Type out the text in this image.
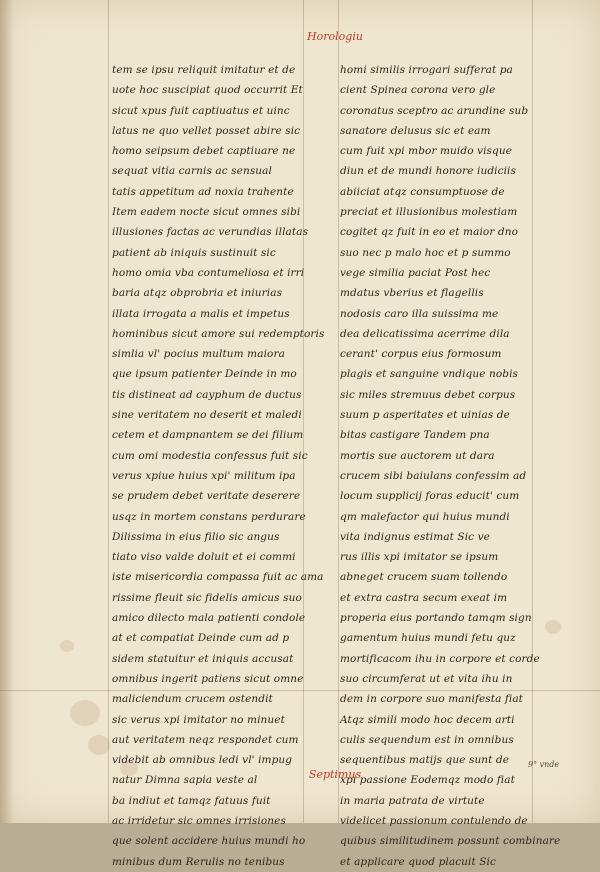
Horologiu
tem se ipsu reliquit imitatur et de
uote hoc suscipiat quod occurrit Et
sicut xpus fuit captiuatus et uinc
latus ne quo vellet posset abire sic
homo seipsum debet captiuare ne
sequat vitia carnis ac sensual
tatis appetitum ad noxia trahente
Item eadem nocte sicut omnes sibi
illusiones factas ac verundias illatas
patient ab iniquis sustinuit sic
homo omia vba contumeliosa et irri
baria atqz obprobria et iniurias
illata irrogata a malis et impetus
hominibus sicut amore sui redemptoris
simlia vl' pocius multum maiora
que ipsum patienter Deinde in mo
tis distineat ad cayphum de ductus
sine veritatem no deserit et maledi
cetem et dampnantem se dei filium
cum omi modestia confessus fuit sic
verus xpiue huius xpi' militum ipa
se prudem debet veritate deserere
usqz in mortem constans perdurare
Dilissima in eius filio sic angus
tiato viso valde doluit et ei commi
iste misericordia compassa fuit ac ama
rissime fleuit sic fidelis amicus suo
amico dilecto mala patienti condole
at et compatiat Deinde cum ad p
sidem statuitur et iniquis accusat
omnibus ingerit patiens sicut omne
maliciendum crucem ostendit
sic verus xpi imitator no minuet
aut veritatem neqz respondet cum
videbit ab omnibus ledi vl' impug
natur Dimna sapia veste al
ba indiut et tamqz fatuus fuit
ac irridetur sic omnes irrisiones
que solent accidere huius mundi ho
minibus dum Rerulis no tenibus
homi similis irrogari sufferat pa
cient Spinea corona vero gle
coronatus sceptro ac arundine sub
sanatore delusus sic et eam
cum fuit xpi mbor muido visque
diun et de mundi honore iudiciis
abiiciat atqz consumptuose de
preciat et illusionibus molestiam
cogitet qz fuit in eo et maior dno
suo nec p malo hoc et p summo
vege similia paciat Post hec
mdatus vberius et flagellis
nodosis caro illa suissima me
dea delicatissima acerrime dila
cerant' corpus eius formosum
plagis et sanguine vndique nobis
sic miles stremuus debet corpus
suum p asperitates et uinias de
bitas castigare Tandem pna
mortis sue auctorem ut dara
crucem sibi baiulans confessim ad
locum supplicij foras educit' cum
qm malefactor qui huius mundi
vita indignus estimat Sic ve
rus illis xpi imitator se ipsum
abneget crucem suam tollendo
et extra castra secum exeat im
properia eius portando tamqm sign
gamentum huius mundi fetu quz
mortificacom ihu in corpore et corde
suo circumferat ut et vita ihu in
dem in corpore suo manifesta fiat
Atqz simili modo hoc decem arti
culis sequendum est in omnibus
sequentibus matijs que sunt de
xpi passione Eodemqz modo fiat
in maria patrata de virtute
videlicet passionum contulendo de
quibus similitudinem possunt combinare
et applicare quod placuit Sic
Septimus
9° vnde
